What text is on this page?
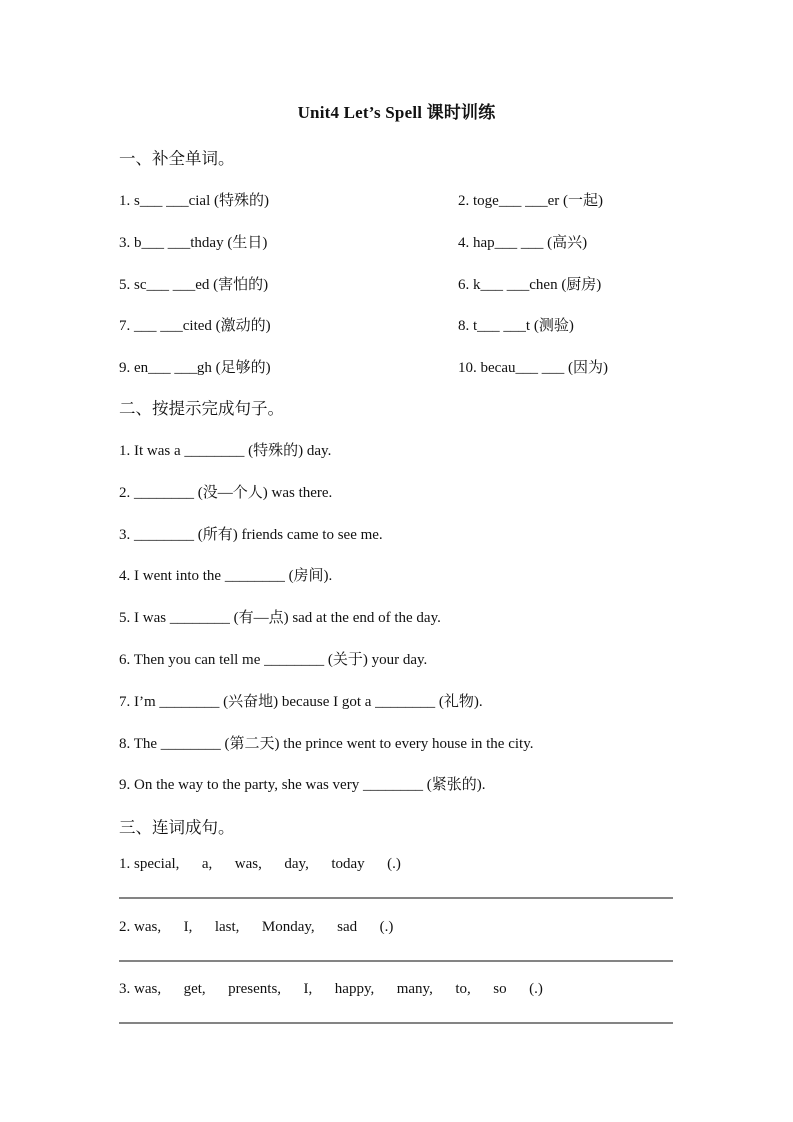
Unit4 Let’s Spell 课时训练
一、补全单词。
1. s___ ___cial (特殊的)	2. toge___ ___er (一起)
3. b___ ___thday (生日)	4. hap___ ___ (高兴)
5. sc___ ___ed (害怕的)	6. k___ ___chen (厨房)
7. ___ ___cited (激动的)	8. t___ ___t (测验)
9. en___ ___gh (足够的)	10. becau___ ___ (因为)
二、按提示完成句子。
1. It was a ________ (特殊的) day.
2. ________ (没—个人) was there.
3. ________ (所有) friends came to see me.
4. I went into the ________ (房间).
5. I was ________ (有—点) sad at the end of the day.
6. Then you can tell me ________ (关于) your day.
7. I’m ________ (兴奋地) because I got a ________ (礼物).
8. The ________ (第二天) the prince went to every house in the city.
9. On the way to the party, she was very ________ (紧张的).
三、连词成句。
1. special,      a,      was,      day,      today      (.)
2. was,      I,      last,      Monday,      sad      (.)
3. was,      get,      presents,      I,      happy,      many,      to,      so      (.)
